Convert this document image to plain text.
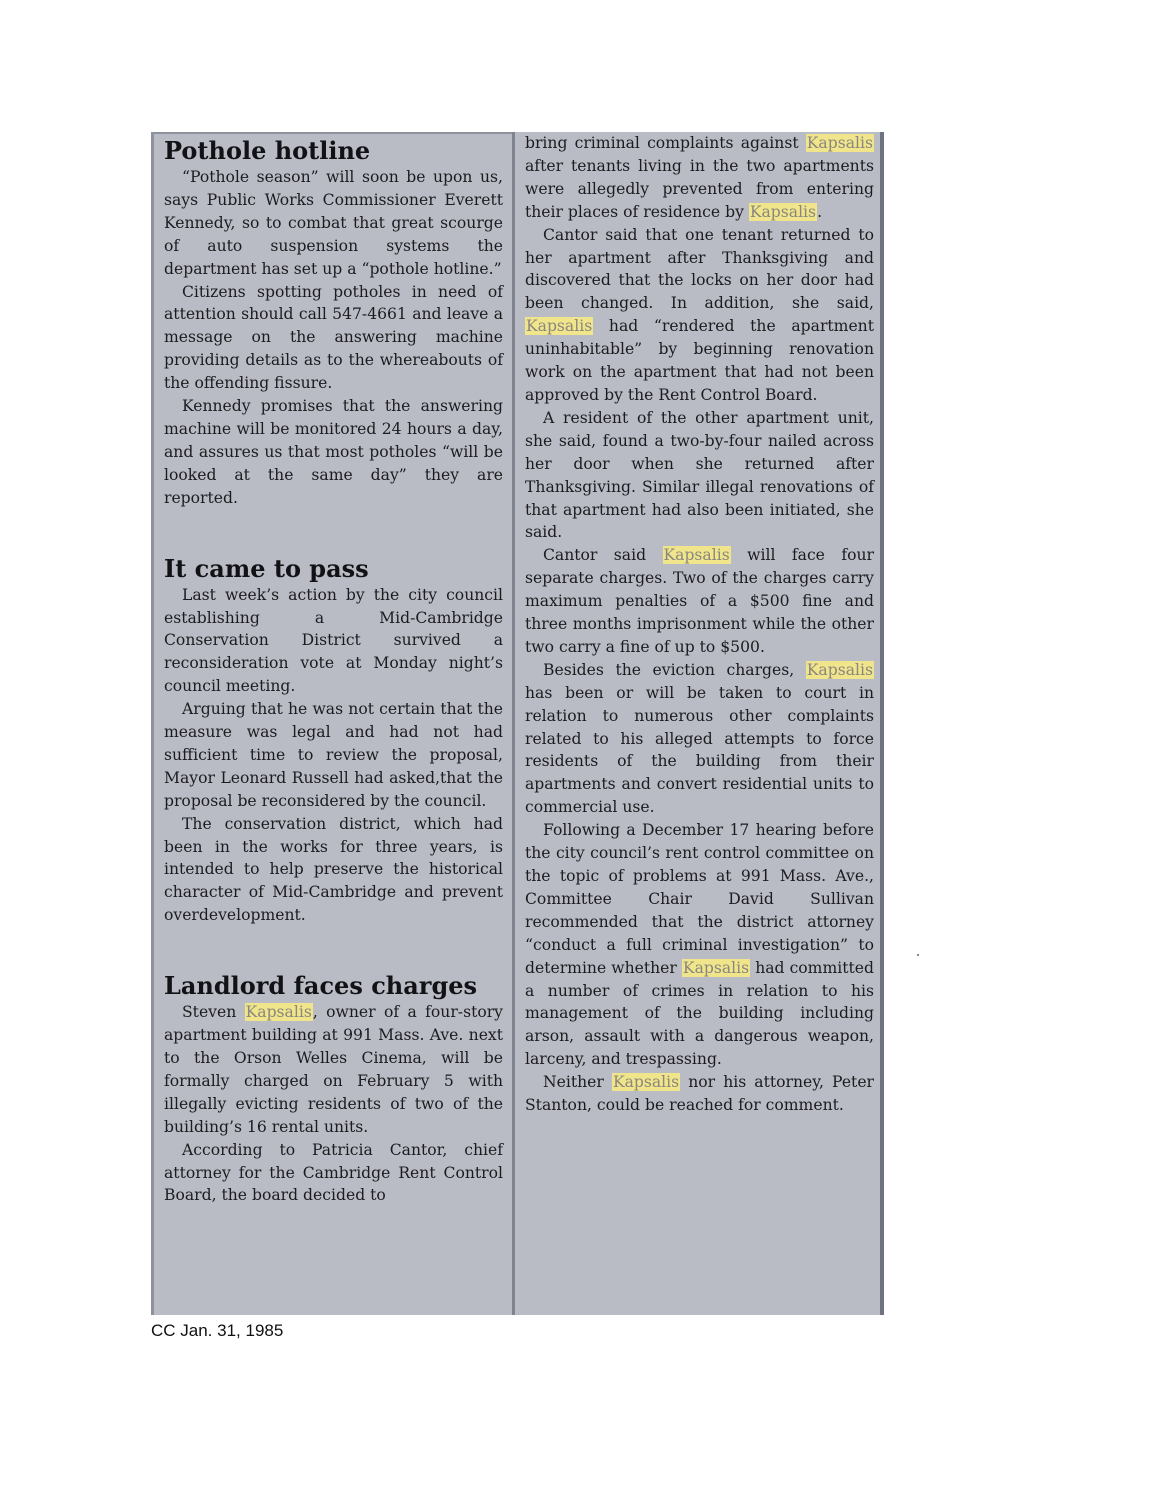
Pothole hotline

“Pothole season” will soon be upon us, says Public Works Commissioner Everett Kennedy, so to combat that great scourge of auto suspension systems the department has set up a “pothole hotline.”

Citizens spotting potholes in need of attention should call 547-4661 and leave a message on the answering machine providing details as to the whereabouts of the offending fissure.

Kennedy promises that the answering machine will be monitored 24 hours a day, and assures us that most potholes “will be looked at the same day” they are reported.

It came to pass

Last week’s action by the city council establishing a Mid-Cambridge Conservation District survived a reconsideration vote at Monday night’s council meeting.

Arguing that he was not certain that the measure was legal and had not had sufficient time to review the proposal, Mayor Leonard Russell had asked,that the proposal be reconsidered by the council.

The conservation district, which had been in the works for three years, is intended to help preserve the historical character of Mid-Cambridge and prevent overdevelopment.

Landlord faces charges

Steven Kapsalis, owner of a four-story apartment building at 991 Mass. Ave. next to the Orson Welles Cinema, will be formally charged on February 5 with illegally evicting residents of two of the building’s 16 rental units.

According to Patricia Cantor, chief attorney for the Cambridge Rent Control Board, the board decided to

bring criminal complaints against Kapsalis after tenants living in the two apartments were allegedly prevented from entering their places of residence by Kapsalis.

Cantor said that one tenant returned to her apartment after Thanksgiving and discovered that the locks on her door had been changed. In addition, she said, Kapsalis had “rendered the apartment uninhabitable” by beginning renovation work on the apartment that had not been approved by the Rent Control Board.

A resident of the other apartment unit, she said, found a two-by-four nailed across her door when she returned after Thanksgiving. Similar illegal renovations of that apartment had also been initiated, she said.

Cantor said Kapsalis will face four separate charges. Two of the charges carry maximum penalties of a $500 fine and three months imprisonment while the other two carry a fine of up to $500.

Besides the eviction charges, Kapsalis has been or will be taken to court in relation to numerous other complaints related to his alleged attempts to force residents of the building from their apartments and convert residential units to commercial use.

Following a December 17 hearing before the city council’s rent control committee on the topic of problems at 991 Mass. Ave., Committee Chair David Sullivan recommended that the district attorney “conduct a full criminal investigation” to determine whether Kapsalis had committed a number of crimes in relation to his management of the building including arson, assault with a dangerous weapon, larceny, and trespassing.

Neither Kapsalis nor his attorney, Peter Stanton, could be reached for comment.

CC Jan. 31, 1985
